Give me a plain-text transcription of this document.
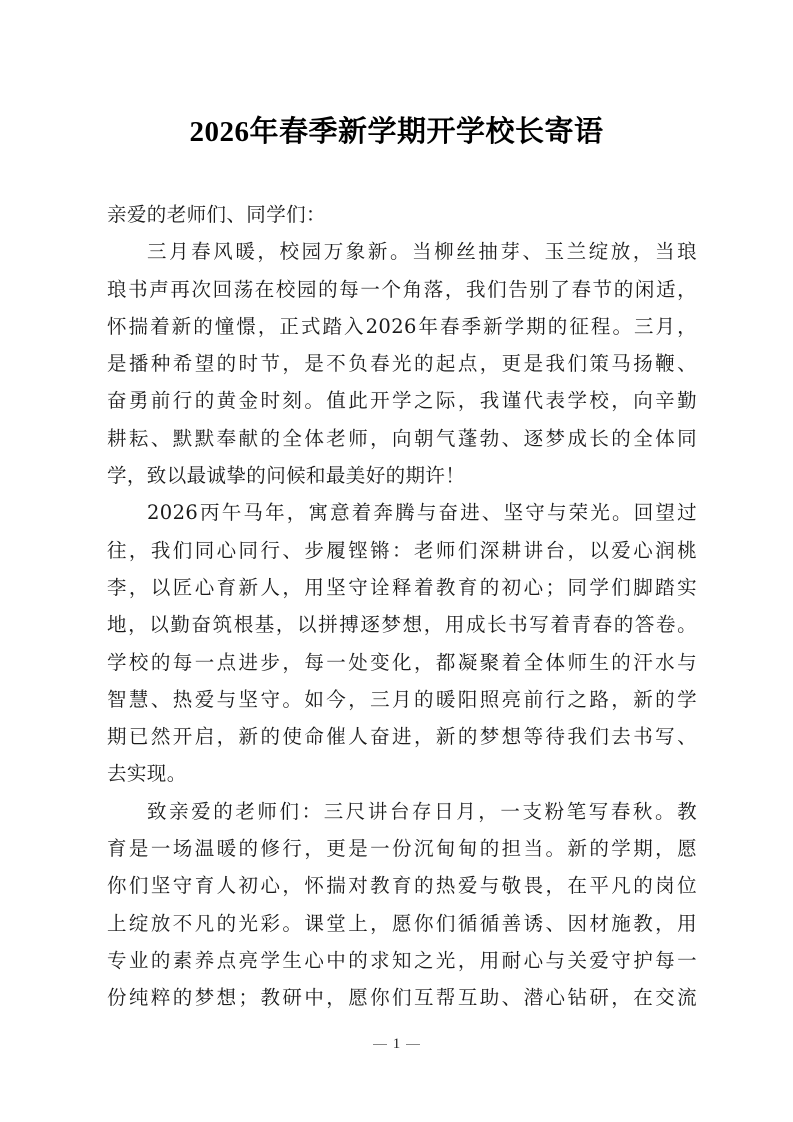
2026年春季新学期开学校长寄语
亲爱的老师们、同学们：
三月春风暖，校园万象新。当柳丝抽芽、玉兰绽放，当琅
琅书声再次回荡在校园的每一个角落，我们告别了春节的闲适，
怀揣着新的憧憬，正式踏入2026年春季新学期的征程。三月，
是播种希望的时节，是不负春光的起点，更是我们策马扬鞭、
奋勇前行的黄金时刻。值此开学之际，我谨代表学校，向辛勤
耕耘、默默奉献的全体老师，向朝气蓬勃、逐梦成长的全体同
学，致以最诚挚的问候和最美好的期许！
2026丙午马年，寓意着奔腾与奋进、坚守与荣光。回望过
往，我们同心同行、步履铿锵：老师们深耕讲台，以爱心润桃
李，以匠心育新人，用坚守诠释着教育的初心；同学们脚踏实
地，以勤奋筑根基，以拼搏逐梦想，用成长书写着青春的答卷。
学校的每一点进步，每一处变化，都凝聚着全体师生的汗水与
智慧、热爱与坚守。如今，三月的暖阳照亮前行之路，新的学
期已然开启，新的使命催人奋进，新的梦想等待我们去书写、
去实现。
致亲爱的老师们：三尺讲台存日月，一支粉笔写春秋。教
育是一场温暖的修行，更是一份沉甸甸的担当。新的学期，愿
你们坚守育人初心，怀揣对教育的热爱与敬畏，在平凡的岗位
上绽放不凡的光彩。课堂上，愿你们循循善诱、因材施教，用
专业的素养点亮学生心中的求知之光，用耐心与关爱守护每一
份纯粹的梦想；教研中，愿你们互帮互助、潜心钻研，在交流
1
